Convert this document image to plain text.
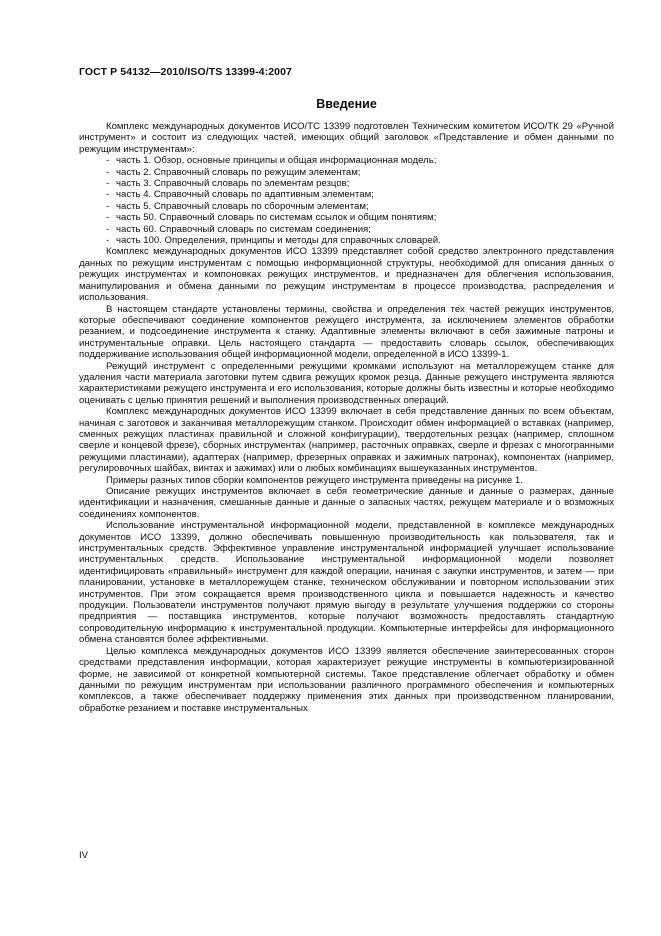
ГОСТ Р 54132—2010/ISO/TS 13399-4:2007
Введение

Комплекс международных документов ИСО/ТС 13399 подготовлен Техническим комитетом ИСО/ТК 29 «Ручной инструмент» и состоит из следующих частей, имеющих общий заголовок «Представление и обмен данными по режущим инструментам»:

- часть 1. Обзор, основные принципы и общая информационная модель;
- часть 2. Справочный словарь по режущим элементам;
- часть 3. Справочный словарь по элементам резцов;
- часть 4. Справочный словарь по адаптивным элементам;
- часть 5. Справочный словарь по сборочным элементам;
- часть 50. Справочный словарь по системам ссылок и общим понятиям;
- часть 60. Справочный словарь по системам соединения;
- часть 100. Определения, принципы и методы для справочных словарей.

Комплекс международных документов ИСО 13399 представляет собой средство электронного представления данных по режущим инструментам с помощью информационной структуры, необходимой для описания данных о режущих инструментах и компоновках режущих инструментов, и предназначен для облегчения использования, манипулирования и обмена данными по режущим инструментам в процессе производства, распределения и использования.

В настоящем стандарте установлены термины, свойства и определения тех частей режущих инструментов, которые обеспечивают соединение компонентов режущего инструмента, за исключением элементов обработки резанием, и подсоединение инструмента к станку. Адаптивные элементы включают в себя зажимные патроны и инструментальные оправки. Цель настоящего стандарта — предоставить словарь ссылок, обеспечивающих поддерживание использования общей информационной модели, определенной в ИСО 13399-1.

Режущий инструмент с определенными режущими кромками используют на металлорежущем станке для удаления части материала заготовки путем сдвига режущих кромок резца. Данные режущего инструмента являются характеристиками режущего инструмента и его использования, которые должны быть известны и которые необходимо оценивать с целью принятия решений и выполнения производственных операций.

Комплекс международных документов ИСО 13399 включает в себя представление данных по всем объектам, начиная с заготовок и заканчивая металлорежущим станком. Происходит обмен информацией о вставках (например, сменных режущих пластинах правильной и сложной конфигурации), твердотельных резцах (например, сплошном сверле и концевой фрезе), сборных инструментах (например, расточных оправках, сверле и фрезах с многогранными режущими пластинами), адаптерах (например, фрезерных оправках и зажимных патронах), компонентах (например, регулировочных шайбах, винтах и зажимах) или о любых комбинациях вышеуказанных инструментов.

Примеры разных типов сборки компонентов режущего инструмента приведены на рисунке 1.

Описание режущих инструментов включает в себя геометрические данные и данные о размерах, данные идентификации и назначения, смешанные данные и данные о запасных частях, режущем материале и о возможных соединениях компонентов.

Использование инструментальной информационной модели, представленной в комплексе международных документов ИСО 13399, должно обеспечивать повышенную производительность как пользователя, так и инструментальных средств. Эффективное управление инструментальной информацией улучшает использование инструментальных средств. Использование инструментальной информационной модели позволяет идентифицировать «правильный» инструмент для каждой операции, начиная с закупки инструментов, и затем — при планировании, установке в металлорежущем станке, техническом обслуживании и повторном использовании этих инструментов. При этом сокращается время производственного цикла и повышается надежность и качество продукции. Пользователи инструментов получают прямую выгоду в результате улучшения поддержки со стороны предприятия — поставщика инструментов, которые получают возможность предоставлять стандартную сопроводительную информацию к инструментальной продукции. Компьютерные интерфейсы для информационного обмена становятся более эффективными.

Целью комплекса международных документов ИСО 13399 является обеспечение заинтересованных сторон средствами представления информации, которая характеризует режущие инструменты в компьютеризированной форме, не зависимой от конкретной компьютерной системы. Такое представление облегчает обработку и обмен данными по режущим инструментам при использовании различного программного обеспечения и компьютерных комплексов, а также обеспечивает поддержку применения этих данных при производственном планировании, обработке резанием и поставке инструментальных

IV
